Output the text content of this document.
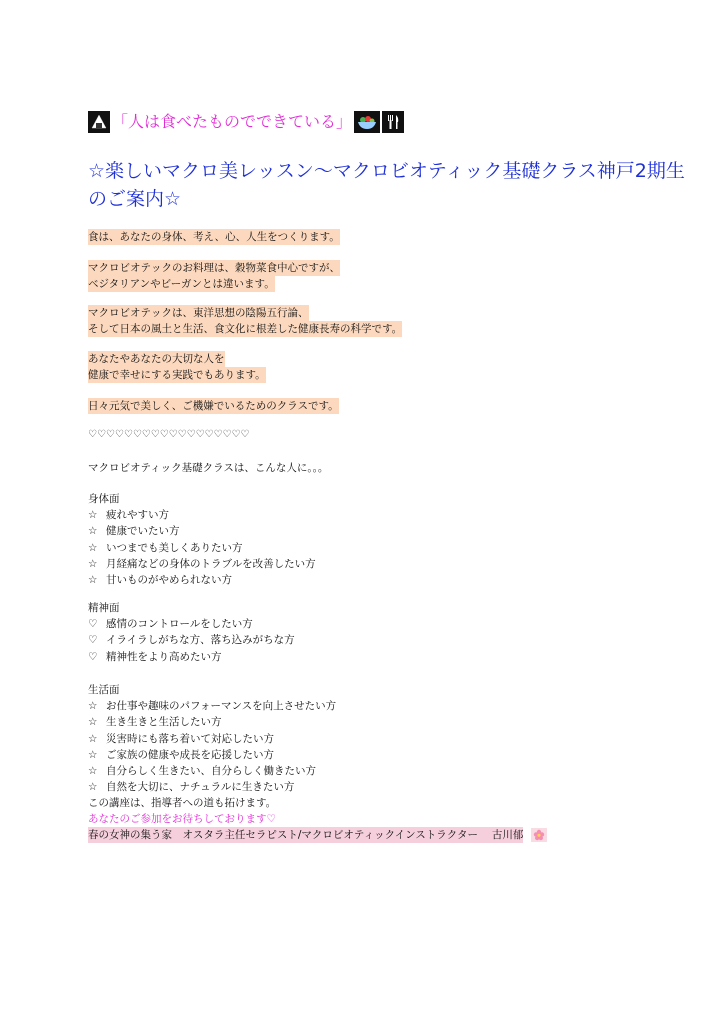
「人は食べたものでできている」
☆楽しいマクロ美レッスン～マクロビオティック基礎クラス神戸2期生のご案内☆

食は、あなたの身体、考え、心、人生をつくります。

マクロビオテックのお料理は、穀物菜食中心ですが、
ベジタリアンやビーガンとは違います。

マクロビオテックは、東洋思想の陰陽五行論、
そして日本の風土と生活、食文化に根差した健康長寿の科学です。

あなたやあなたの大切な人を
健康で幸せにする実践でもあります。

日々元気で美しく、ご機嫌でいるためのクラスです。

♡♡♡♡♡♡♡♡♡♡♡♡♡♡♡♡♡♡

マクロビオティック基礎クラスは、こんな人に。。。

身体面
☆ 疲れやすい方
☆ 健康でいたい方
☆ いつまでも美しくありたい方
☆ 月経痛などの身体のトラブルを改善したい方
☆ 甘いものがやめられない方
精神面
♡ 感情のコントロールをしたい方
♡ イライラしがちな方、落ち込みがちな方
♡ 精神性をより高めたい方
生活面
☆ お仕事や趣味のパフォーマンスを向上させたい方
☆ 生き生きと生活したい方
☆ 災害時にも落ち着いて対応したい方
☆ ご家族の健康や成長を応援したい方
☆ 自分らしく生きたい、自分らしく働きたい方
☆ 自然を大切に、ナチュラルに生きたい方
この講座は、指導者への道も拓けます。
あなたのご参加をお待ちしております♡
春の女神の集う家　オスタラ主任セラピスト/マクロビオティックインストラクター　 古川郁
